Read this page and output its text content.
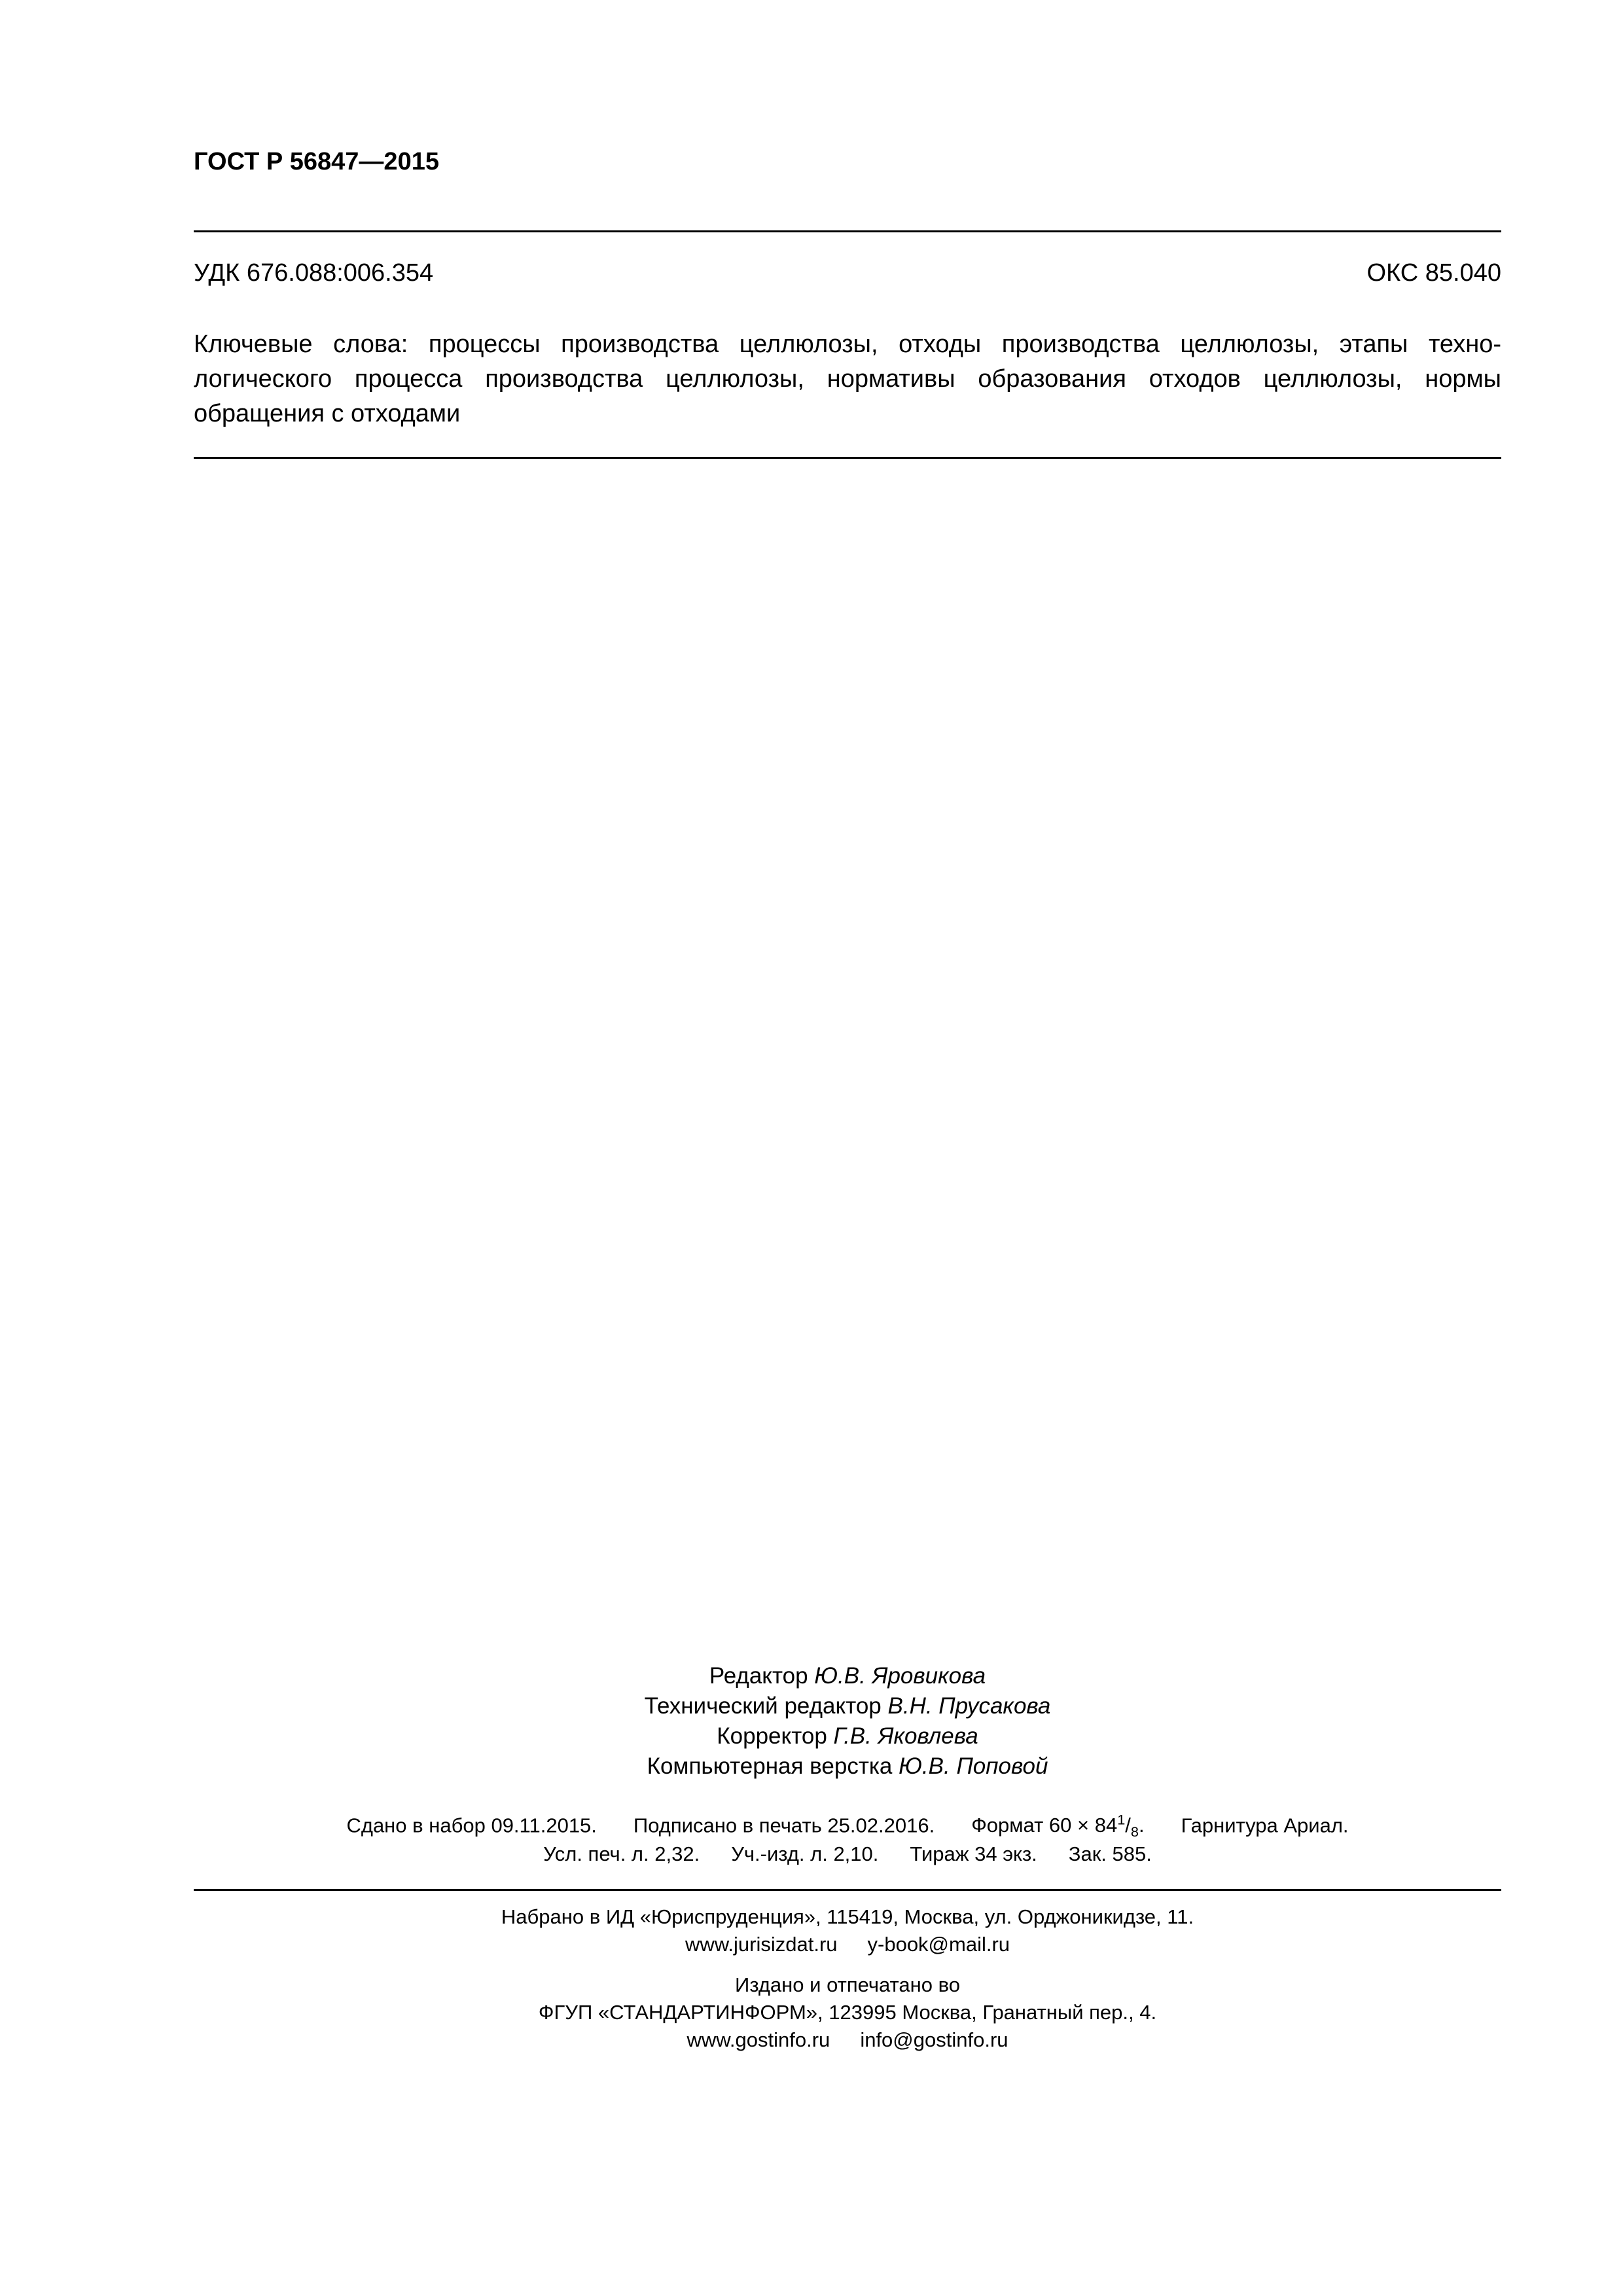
ГОСТ Р 56847—2015
УДК 676.088:006.354	ОКС 85.040
Ключевые слова: процессы производства целлюлозы, отходы производства целлюлозы, этапы техно-логического процесса производства целлюлозы, нормативы образования отходов целлюлозы, нормы обращения с отходами
Редактор Ю.В. Яровикова
Технический редактор В.Н. Прусакова
Корректор Г.В. Яковлева
Компьютерная верстка Ю.В. Поповой
Сдано в набор 09.11.2015. Подписано в печать 25.02.2016. Формат $60 \times 84^1/_8$. Гарнитура Ариал.
Усл. печ. л. 2,32. Уч.-изд. л. 2,10. Тираж 34 экз. Зак. 585.
Набрано в ИД «Юриспруденция», 115419, Москва, ул. Орджоникидзе, 11.
www.jurisizdat.ru y-book@mail.ru
Издано и отпечатано во
ФГУП «СТАНДАРТИНФОРМ», 123995 Москва, Гранатный пер., 4.
www.gostinfo.ru info@gostinfo.ru
